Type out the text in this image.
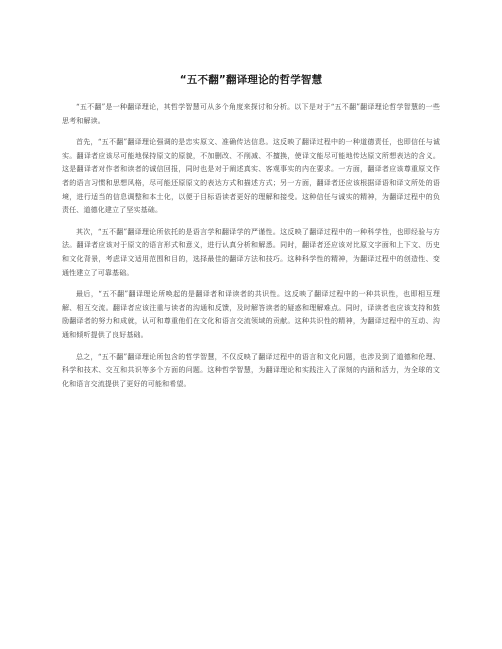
“五不翻”翻译理论的哲学智慧

“五不翻”是一种翻译理论，其哲学智慧可从多个角度来探讨和分析。以下是对于“五不翻”翻译理论哲学智慧的一些思考和解读。

首先，“五不翻”翻译理论强调的是忠实原文、准确传达信息。这反映了翻译过程中的一种道德责任，也即信任与诚实。翻译者应该尽可能地保持原文的原貌，不加删改、不削减、不擅换，使译文能尽可能地传达原文所想表达的含义。这是翻译者对作者和读者的诚信回报，同时也是对于阐述真实、客观事实的内在要求。一方面，翻译者应该尊重原文作者的语言习惯和思想风格，尽可能还原原文的表达方式和描述方式；另一方面，翻译者还应该根据译语和译文所处的语境，进行适当的信息调整和本土化，以便于目标语读者更好的理解和接受。这种信任与诚实的精神，为翻译过程中的负责任、道德化建立了坚实基础。

其次，“五不翻”翻译理论所依托的是语言学和翻译学的严谨性。这反映了翻译过程中的一种科学性，也即经验与方法。翻译者应该对于原文的语言形式和意义，进行认真分析和解悉。同时，翻译者还应该对比原文字面和上下文、历史和文化背景，考虑译文适用范围和目的，选择最佳的翻译方法和技巧。这种科学性的精神，为翻译过程中的创造性、变通性建立了可靠基础。

最后，“五不翻”翻译理论所唤起的是翻译者和译读者的共识性。这反映了翻译过程中的一种共识性，也即相互理解、相互交流。翻译者应该注重与读者的沟通和反馈，及时解答读者的疑惑和理解难点。同时，译读者也应该支持和鼓励翻译者的努力和成就，认可和尊重他们在文化和语言交流领域的贡献。这种共识性的精神，为翻译过程中的互动、沟通和倾听提供了良好基础。

总之，“五不翻”翻译理论所包含的哲学智慧，不仅反映了翻译过程中的语言和文化问题，也涉及到了道德和伦理、科学和技术、交互和共识等多个方面的问题。这种哲学智慧，为翻译理论和实践注入了深刻的内涵和活力，为全球的文化和语言交流提供了更好的可能和希望。
